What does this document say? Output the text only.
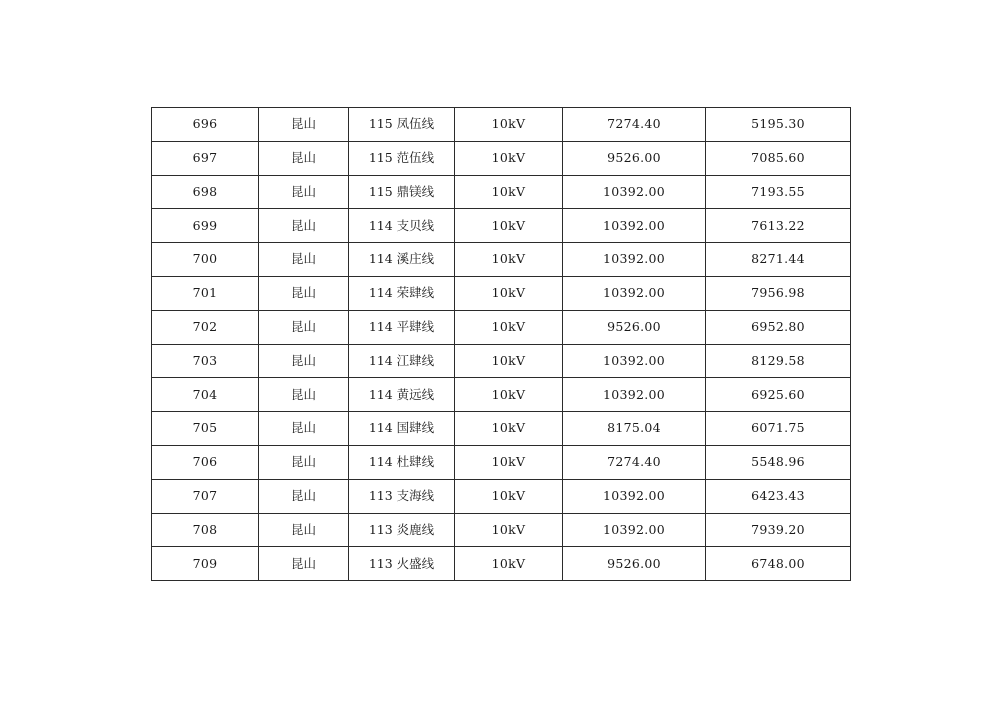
696	昆山	115 凤伍线	10kV	7274.40	5195.30
697	昆山	115 范伍线	10kV	9526.00	7085.60
698	昆山	115 鼎镁线	10kV	10392.00	7193.55
699	昆山	114 支贝线	10kV	10392.00	7613.22
700	昆山	114 溪庄线	10kV	10392.00	8271.44
701	昆山	114 荣肆线	10kV	10392.00	7956.98
702	昆山	114 平肆线	10kV	9526.00	6952.80
703	昆山	114 江肆线	10kV	10392.00	8129.58
704	昆山	114 黄远线	10kV	10392.00	6925.60
705	昆山	114 国肆线	10kV	8175.04	6071.75
706	昆山	114 杜肆线	10kV	7274.40	5548.96
707	昆山	113 支海线	10kV	10392.00	6423.43
708	昆山	113 炎鹿线	10kV	10392.00	7939.20
709	昆山	113 火盛线	10kV	9526.00	6748.00
